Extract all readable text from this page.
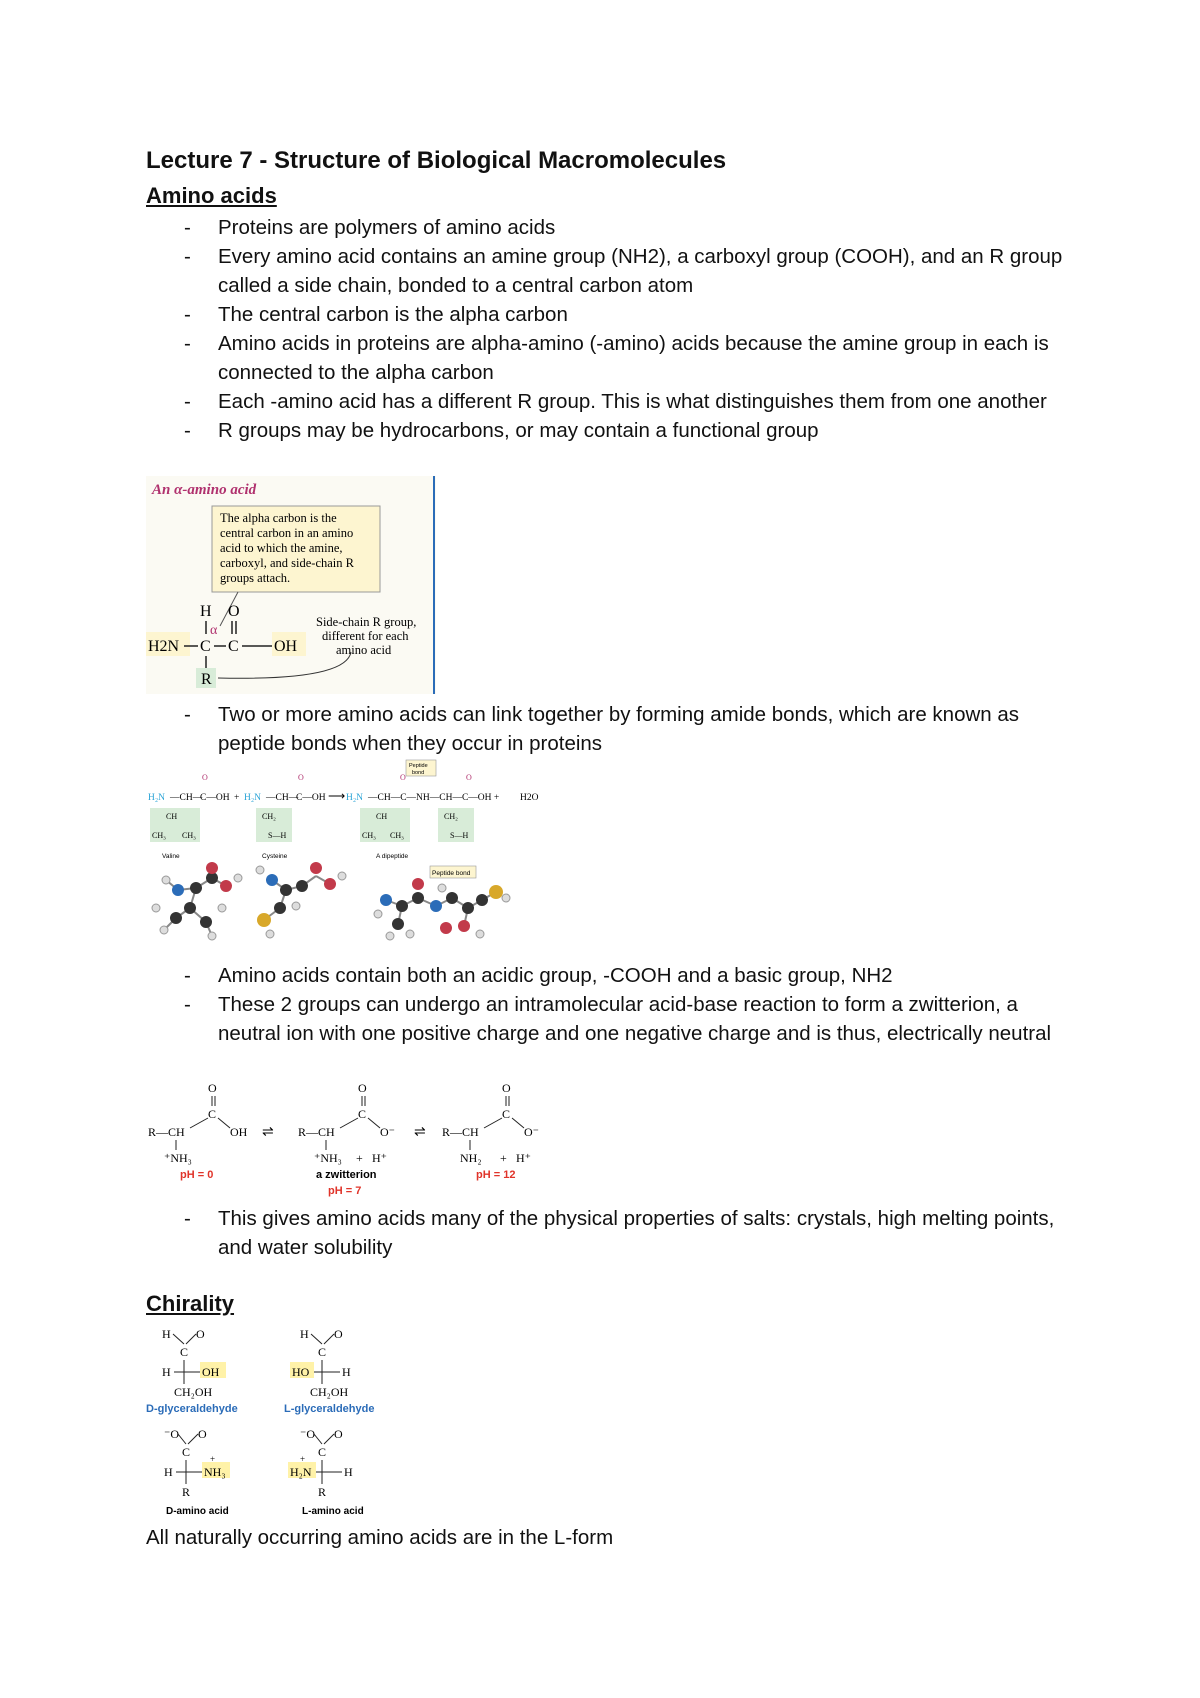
Lecture 7 - Structure of Biological Macromolecules
Amino acids
- Proteins are polymers of amino acids
- Every amino acid contains an amine group (NH2), a carboxyl group (COOH), and an R group called a side chain, bonded to a central carbon atom
- The central carbon is the alpha carbon
- Amino acids in proteins are alpha-amino (-amino) acids because the amine group in each is connected to the alpha carbon
- Each -amino acid has a different R group. This is what distinguishes them from one another
- R groups may be hydrocarbons, or may contain a functional group
An α-amino acid
The alpha carbon is the
central carbon in an amino
acid to which the amine,
carboxyl, and side-chain R
groups attach.
H O
α
H2N C C OH
R
Side-chain R group,
different for each
amino acid
- Two or more amino acids can link together by forming amide bonds, which are known as peptide bonds when they occur in proteins
H₂N —CH—
C—OH
O
+ H₂N —CH—
C—OH
O
⟶ H₂N —CH—C—NH—CH—C—OH + H2O
O	O
Peptide
bond
CH
CH₃ CH₃
CH₂
S—H
CH
CH₃ CH₃
CH₂
S—H
Valine	Cysteine	A dipeptide
Peptide bond
- Amino acids contain both an acidic group, -COOH and a basic group, NH2
- These 2 groups can undergo an intramolecular acid-base reaction to form a zwitterion, a neutral ion with one positive charge and one negative charge and is thus, electrically neutral
O
C
R—CH	OH
⁺NH₃
pH = 0
⇌
O
C
R—CH	O⁻
⁺NH₃ + H⁺
a zwitterion
pH = 7
⇌
O
C
R—CH	O⁻
NH₂ + H⁺
pH = 12
- This gives amino acids many of the physical properties of salts: crystals, high melting points, and water solubility
Chirality
H O
C
H	OH
CH₂OH
D-glyceraldehyde
H O
C
HO	H
CH₂OH
L-glyceraldehyde
⁻O O
C
H	NH₃
+
R
D-amino acid
⁻O O
C
H₂N
+
H
R
L-amino acid

All naturally occurring amino acids are in the L-form
